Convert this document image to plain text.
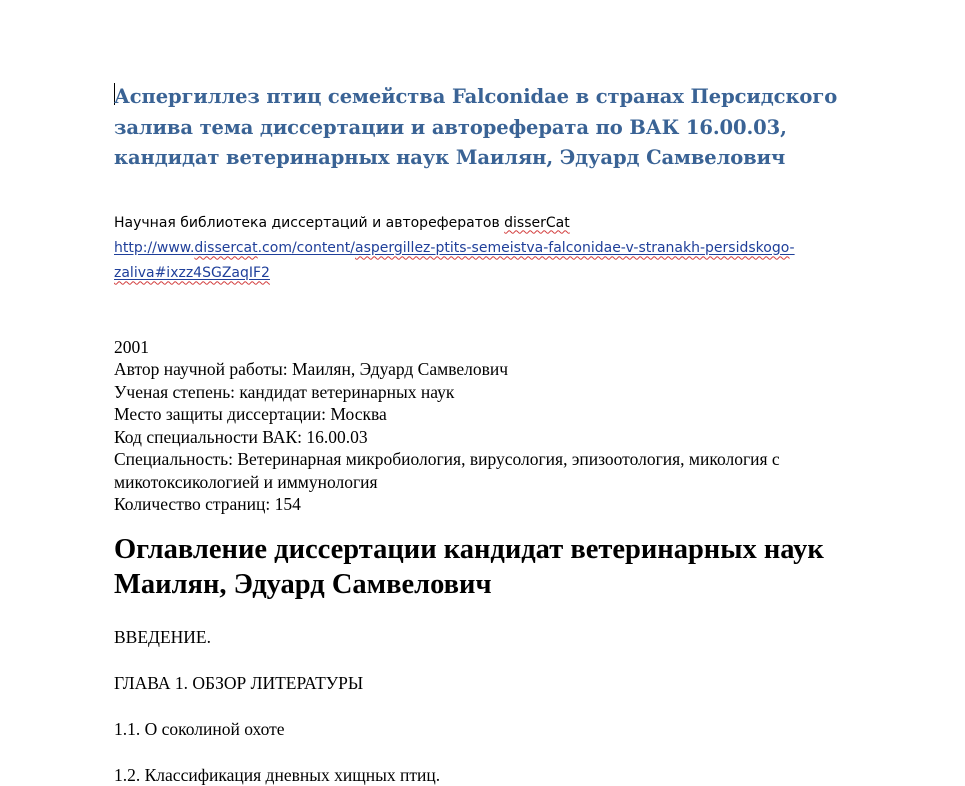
Аспергиллез птиц семейства Falconidae в странах Персидского залива тема диссертации и автореферата по ВАК 16.00.03, кандидат ветеринарных наук Маилян, Эдуард Самвелович
Научная библиотека диссертаций и авторефератов disserCat
http://www.dissercat.com/content/aspergillez-ptits-semeistva-falconidae-v-stranakh-persidskogo-
zaliva#ixzz4SGZaqIF2
2001
Автор научной работы: Маилян, Эдуард Самвелович
Ученая степень: кандидат ветеринарных наук
Место защиты диссертации: Москва
Код специальности ВАК: 16.00.03
Специальность: Ветеринарная микробиология, вирусология, эпизоотология, микология с микотоксикологией и иммунология
Количество страниц: 154
Оглавление диссертации кандидат ветеринарных наук Маилян, Эдуард Самвелович

ВВЕДЕНИЕ.

ГЛАВА 1. ОБЗОР ЛИТЕРАТУРЫ

1.1. О соколиной охоте

1.2. Классификация дневных хищных птиц.
